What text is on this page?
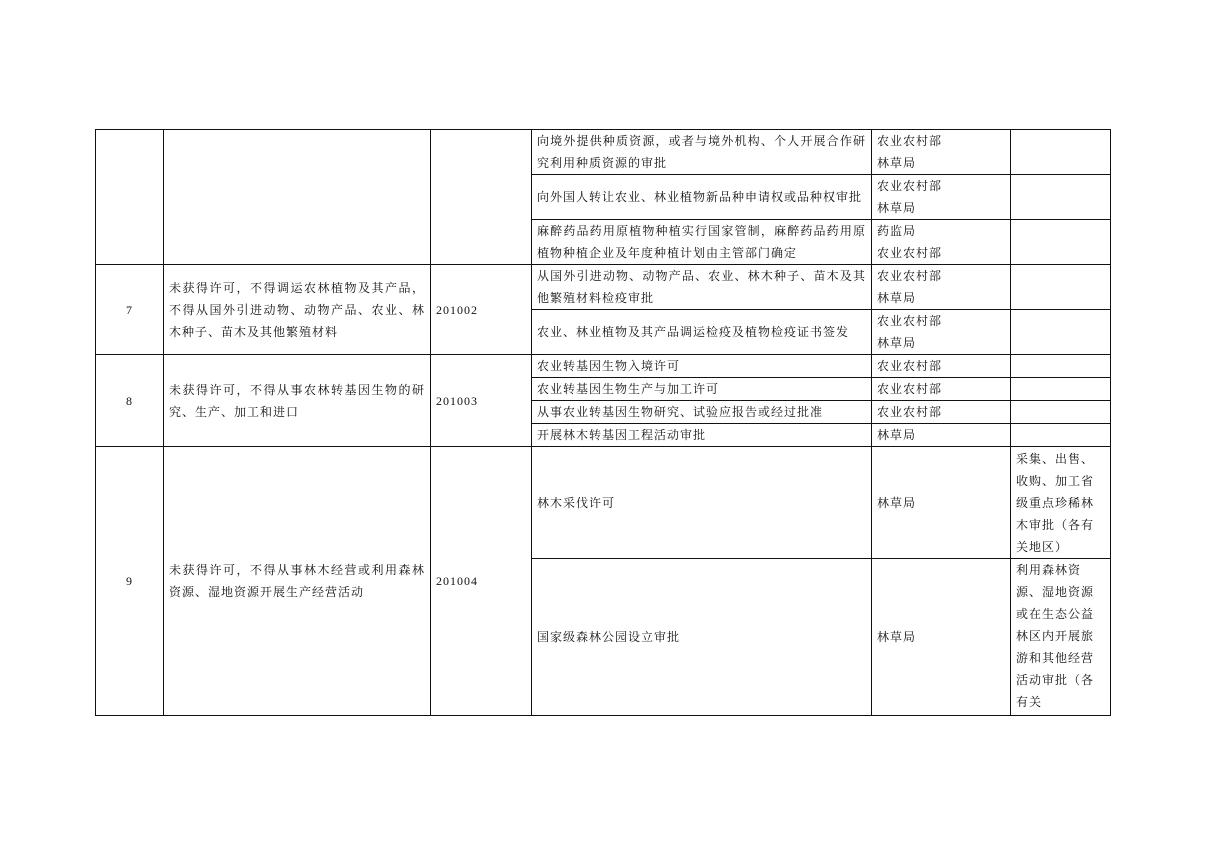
			向境外提供种质资源，或者与境外机构、个人开展合作研究利用种质资源的审批	农业农村部
林草局	

			向外国人转让农业、林业植物新品种申请权或品种权审批	农业农村部
林草局	

			麻醉药品药用原植物种植实行国家管制，麻醉药品药用原植物种植企业及年度种植计划由主管部门确定	药监局
农业农村部	
7	未获得许可，不得调运农林植物及其产品，不得从国外引进动物、动物产品、农业、林木种子、苗木及其他繁殖材料	201002	从国外引进动物、动物产品、农业、林木种子、苗木及其他繁殖材料检疫审批	农业农村部
林草局	

			农业、林业植物及其产品调运检疫及植物检疫证书签发	农业农村部
林草局	
8	未获得许可，不得从事农林转基因生物的研究、生产、加工和进口	201003	农业转基因生物入境许可	农业农村部	

			农业转基因生物生产与加工许可	农业农村部	

			从事农业转基因生物研究、试验应报告或经过批准	农业农村部	

			开展林木转基因工程活动审批	林草局	
9	未获得许可，不得从事林木经营或利用森林资源、湿地资源开展生产经营活动	201004	林木采伐许可	林草局	采集、出售、收购、加工省级重点珍稀林木审批（各有关地区）

			国家级森林公园设立审批	林草局	利用森林资源、湿地资源或在生态公益林区内开展旅游和其他经营活动审批（各有关
